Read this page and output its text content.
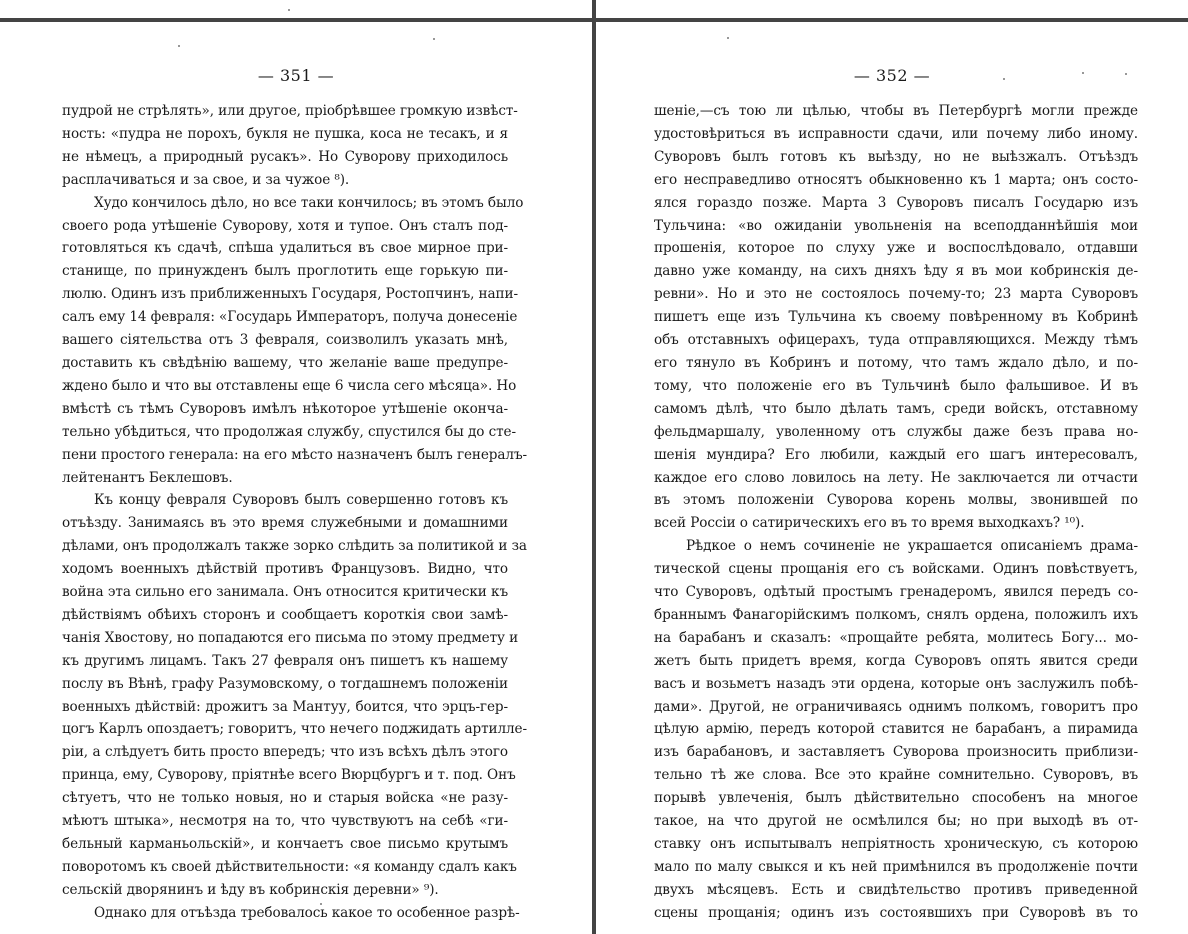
— 351 —
пудрой не стрѣлять», или другое, пріобрѣвшее громкую извѣст-
ность: «пудра не порохъ, букля не пушка, коса не тесакъ, и я
не нѣмецъ, а природный русакъ». Но Суворову приходилось
расплачиваться и за свое, и за чужое ⁸).
Худо кончилось дѣло, но все таки кончилось; въ этомъ было
своего рода утѣшеніе Суворову, хотя и тупое. Онъ сталъ под-
готовляться къ сдачѣ, спѣша удалиться въ свое мирное при-
станище, по принужденъ былъ проглотить еще горькую пи-
люлю. Одинъ изъ приближенныхъ Государя, Ростопчинъ, напи-
салъ ему 14 февраля: «Государь Императоръ, получа донесеніе
вашего сіятельства отъ 3 февраля, соизволилъ указать мнѣ,
доставить къ свѣдѣнію вашему, что желаніе ваше предупре-
ждено было и что вы отставлены еще 6 числа сего мѣсяца». Но
вмѣстѣ съ тѣмъ Суворовъ имѣлъ нѣкоторое утѣшеніе оконча-
тельно убѣдиться, что продолжая службу, спустился бы до сте-
пени простого генерала: на его мѣсто назначенъ былъ генералъ-
лейтенантъ Беклешовъ.
Къ концу февраля Суворовъ былъ совершенно готовъ къ
отъѣзду. Занимаясь въ это время служебными и домашними
дѣлами, онъ продолжалъ также зорко слѣдить за политикой и за
ходомъ военныхъ дѣйствій противъ Французовъ. Видно, что
война эта сильно его занимала. Онъ относится критически къ
дѣйствіямъ обѣихъ сторонъ и сообщаетъ короткія свои замѣ-
чанія Хвостову, но попадаются его письма по этому предмету и
къ другимъ лицамъ. Такъ 27 февраля онъ пишетъ къ нашему
послу въ Вѣнѣ, графу Разумовскому, о тогдашнемъ положеніи
военныхъ дѣйствій: дрожитъ за Мантуу, боится, что эрцъ-гер-
цогъ Карлъ опоздаетъ; говоритъ, что нечего поджидать артилле-
ріи, а слѣдуетъ бить просто впередъ; что изъ всѣхъ дѣлъ этого
принца, ему, Суворову, пріятнѣе всего Вюрцбургъ и т. под. Онъ
сѣтуетъ, что не только новыя, но и старыя войска «не разу-
мѣютъ штыка», несмотря на то, что чувствуютъ на себѣ «ги-
бельный карманьольскій», и кончаетъ свое письмо крутымъ
поворотомъ къ своей дѣйствительности: «я команду сдалъ какъ
сельскій дворянинъ и ѣду въ кобринскія деревни» ⁹).
Однако для отъѣзда требовалось какое то особенное разрѣ-
— 352 —
шеніе,—съ тою ли цѣлью, чтобы въ Петербургѣ могли прежде
удостовѣриться въ исправности сдачи, или почему либо иному.
Суворовъ былъ готовъ къ выѣзду, но не выѣзжалъ. Отъѣздъ
его несправедливо относятъ обыкновенно къ 1 марта; онъ состо-
ялся гораздо позже. Марта 3 Суворовъ писалъ Государю изъ
Тульчина: «во ожиданіи увольненія на всеподданнѣйшія мои
прошенія, которое по слуху уже и воспослѣдовало, отдавши
давно уже команду, на сихъ дняхъ ѣду я въ мои кобринскія де-
ревни». Но и это не состоялось почему-то; 23 марта Суворовъ
пишетъ еще изъ Тульчина къ своему повѣренному въ Кобринѣ
объ отставныхъ офицерахъ, туда отправляющихся. Между тѣмъ
его тянуло въ Кобринъ и потому, что тамъ ждало дѣло, и по-
тому, что положеніе его въ Тульчинѣ было фальшивое. И въ
самомъ дѣлѣ, что было дѣлать тамъ, среди войскъ, отставному
фельдмаршалу, уволенному отъ службы даже безъ права но-
шенія мундира? Его любили, каждый его шагъ интересовалъ,
каждое его слово ловилось на лету. Не заключается ли отчасти
въ этомъ положеніи Суворова корень молвы, звонившей по
всей Россіи о сатирическихъ его въ то время выходкахъ? ¹⁰).
Рѣдкое о немъ сочиненіе не украшается описаніемъ драма-
тической сцены прощанія его съ войсками. Одинъ повѣствуетъ,
что Суворовъ, одѣтый простымъ гренадеромъ, явился передъ со-
браннымъ Фанагорійскимъ полкомъ, снялъ ордена, положилъ ихъ
на барабанъ и сказалъ: «прощайте ребята, молитесь Богу... мо-
жетъ быть придетъ время, когда Суворовъ опять явится среди
васъ и возьметъ назадъ эти ордена, которые онъ заслужилъ побѣ-
дами». Другой, не ограничиваясь однимъ полкомъ, говоритъ про
цѣлую армію, передъ которой ставится не барабанъ, а пирамида
изъ барабановъ, и заставляетъ Суворова произносить приблизи-
тельно тѣ же слова. Все это крайне сомнительно. Суворовъ, въ
порывѣ увлеченія, былъ дѣйствительно способенъ на многое
такое, на что другой не осмѣлился бы; но при выходѣ въ от-
ставку онъ испытывалъ непріятность хроническую, съ которою
мало по малу свыкся и къ ней примѣнился въ продолженіе почти
двухъ мѣсяцевъ. Есть и свидѣтельство противъ приведенной
сцены прощанія; одинъ изъ состоявшихъ при Суворовѣ въ то
